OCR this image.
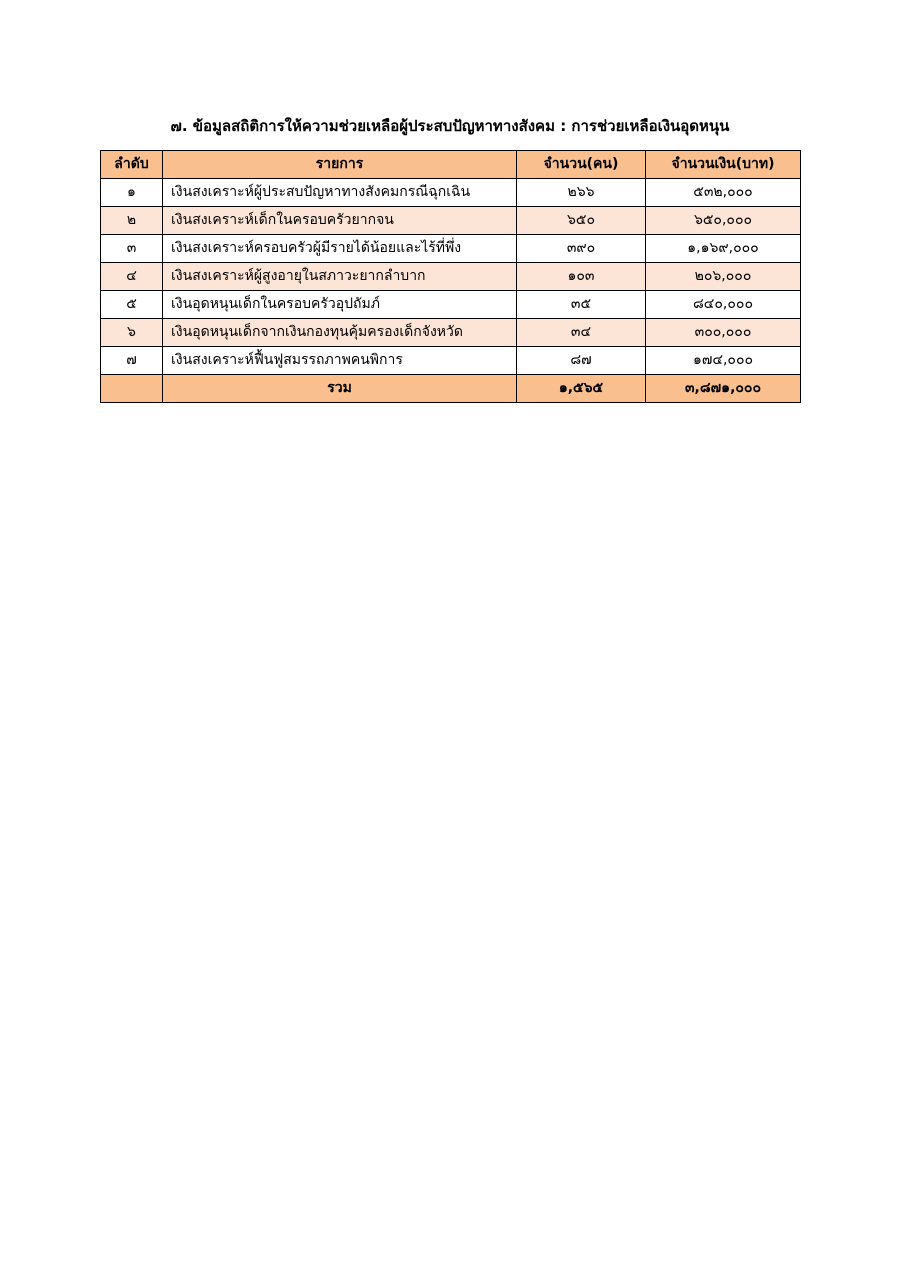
๗. ข้อมูลสถิติการให้ความช่วยเหลือผู้ประสบปัญหาทางสังคม : การช่วยเหลือเงินอุดหนุน
ลำดับ	รายการ	จำนวน(คน)	จำนวนเงิน(บาท)
๑	เงินสงเคราะห์ผู้ประสบปัญหาทางสังคมกรณีฉุกเฉิน	๒๖๖	๕๓๒,๐๐๐
๒	เงินสงเคราะห์เด็กในครอบครัวยากจน	๖๕๐	๖๕๐,๐๐๐
๓	เงินสงเคราะห์ครอบครัวผู้มีรายได้น้อยและไร้ที่พึ่ง	๓๙๐	๑,๑๖๙,๐๐๐
๔	เงินสงเคราะห์ผู้สูงอายุในสภาวะยากลำบาก	๑๐๓	๒๐๖,๐๐๐
๕	เงินอุดหนุนเด็กในครอบครัวอุปถัมภ์	๓๕	๘๔๐,๐๐๐
๖	เงินอุดหนุนเด็กจากเงินกองทุนคุ้มครองเด็กจังหวัด	๓๔	๓๐๐,๐๐๐
๗	เงินสงเคราะห์ฟื้นฟูสมรรถภาพคนพิการ	๘๗	๑๗๔,๐๐๐
	รวม	๑,๕๖๕	๓,๘๗๑,๐๐๐
